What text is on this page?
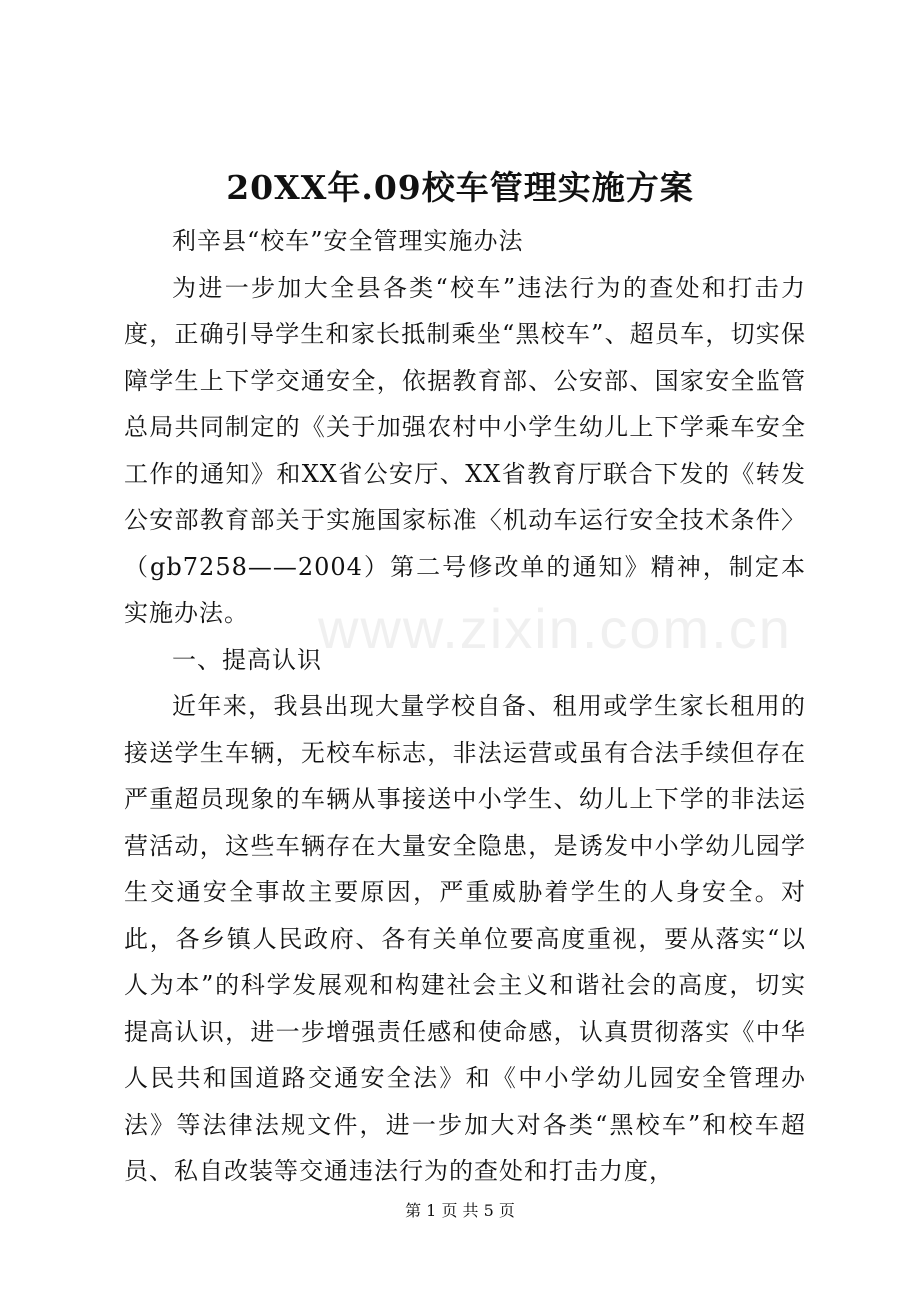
20XX年.09校车管理实施方案

利辛县“校车”安全管理实施办法

为进一步加大全县各类“校车”违法行为的查处和打击力度，正确引导学生和家长抵制乘坐“黑校车”、超员车，切实保障学生上下学交通安全，依据教育部、公安部、国家安全监管总局共同制定的《关于加强农村中小学生幼儿上下学乘车安全工作的通知》和XX省公安厅、XX省教育厅联合下发的《转发公安部教育部关于实施国家标准〈机动车运行安全技术条件〉（gb7258——2004）第二号修改单的通知》精神，制定本实施办法。

一、提高认识

近年来，我县出现大量学校自备、租用或学生家长租用的接送学生车辆，无校车标志，非法运营或虽有合法手续但存在严重超员现象的车辆从事接送中小学生、幼儿上下学的非法运营活动，这些车辆存在大量安全隐患，是诱发中小学幼儿园学生交通安全事故主要原因，严重威胁着学生的人身安全。对此，各乡镇人民政府、各有关单位要高度重视，要从落实“以人为本”的科学发展观和构建社会主义和谐社会的高度，切实提高认识，进一步增强责任感和使命感，认真贯彻落实《中华人民共和国道路交通安全法》和《中小学幼儿园安全管理办法》等法律法规文件，进一步加大对各类“黑校车”和校车超员、私自改装等交通违法行为的查处和打击力度，

www.zixin.com.cn
第 1 页 共 5 页
